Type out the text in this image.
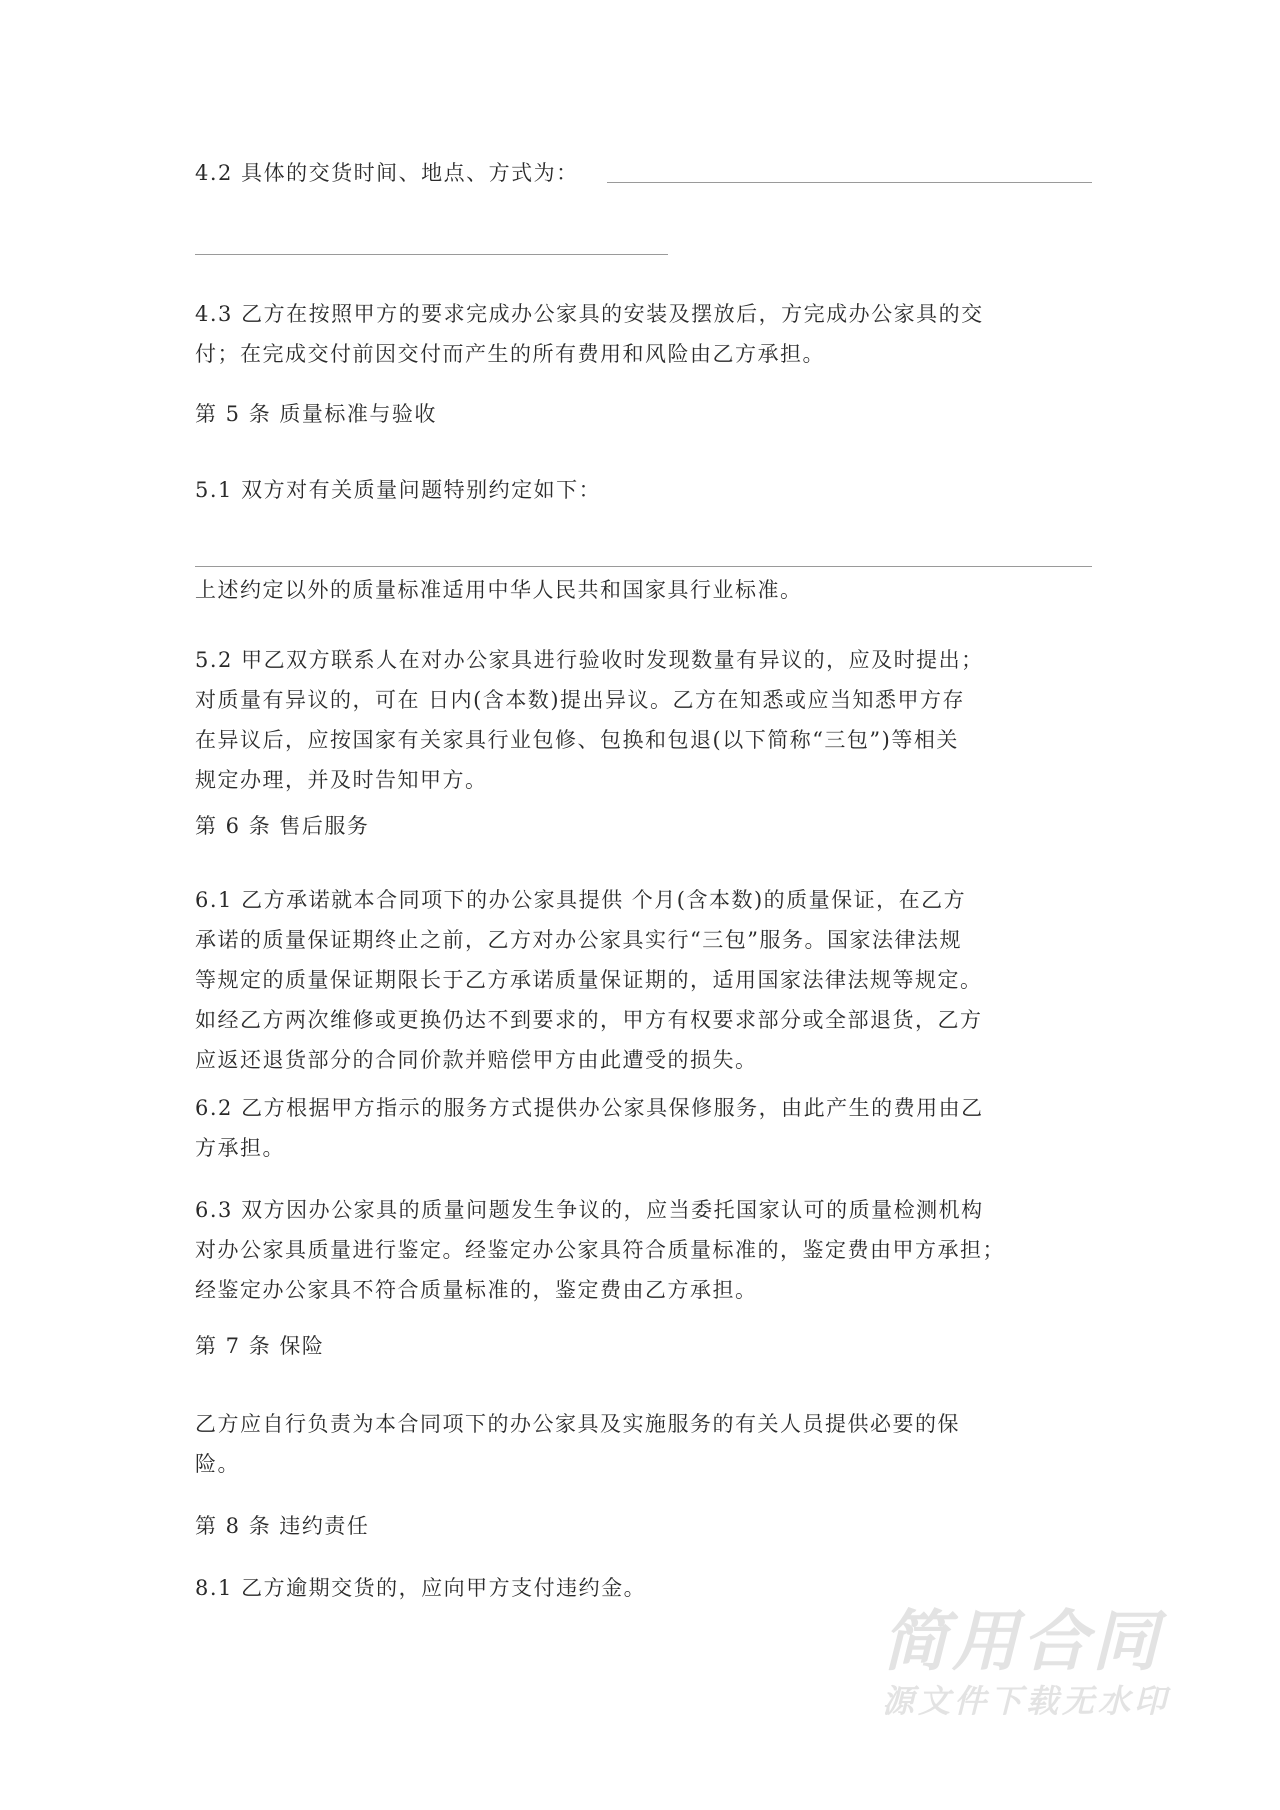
4.2 具体的交货时间、地点、方式为：
4.3 乙方在按照甲方的要求完成办公家具的安装及摆放后，方完成办公家具的交
付；在完成交付前因交付而产生的所有费用和风险由乙方承担。
第 5 条 质量标准与验收
5.1 双方对有关质量问题特别约定如下：
上述约定以外的质量标准适用中华人民共和国家具行业标准。
5.2 甲乙双方联系人在对办公家具进行验收时发现数量有异议的，应及时提出；
对质量有异议的，可在 日内(含本数)提出异议。乙方在知悉或应当知悉甲方存
在异议后，应按国家有关家具行业包修、包换和包退(以下简称“三包”)等相关
规定办理，并及时告知甲方。
第 6 条 售后服务
6.1 乙方承诺就本合同项下的办公家具提供 个月(含本数)的质量保证，在乙方
承诺的质量保证期终止之前，乙方对办公家具实行“三包”服务。国家法律法规
等规定的质量保证期限长于乙方承诺质量保证期的，适用国家法律法规等规定。
如经乙方两次维修或更换仍达不到要求的，甲方有权要求部分或全部退货，乙方
应返还退货部分的合同价款并赔偿甲方由此遭受的损失。
6.2 乙方根据甲方指示的服务方式提供办公家具保修服务，由此产生的费用由乙
方承担。
6.3 双方因办公家具的质量问题发生争议的，应当委托国家认可的质量检测机构
对办公家具质量进行鉴定。经鉴定办公家具符合质量标准的，鉴定费由甲方承担；
经鉴定办公家具不符合质量标准的，鉴定费由乙方承担。
第 7 条 保险
乙方应自行负责为本合同项下的办公家具及实施服务的有关人员提供必要的保
险。
第 8 条 违约责任
8.1 乙方逾期交货的，应向甲方支付违约金。
简用合同
源文件下载无水印
